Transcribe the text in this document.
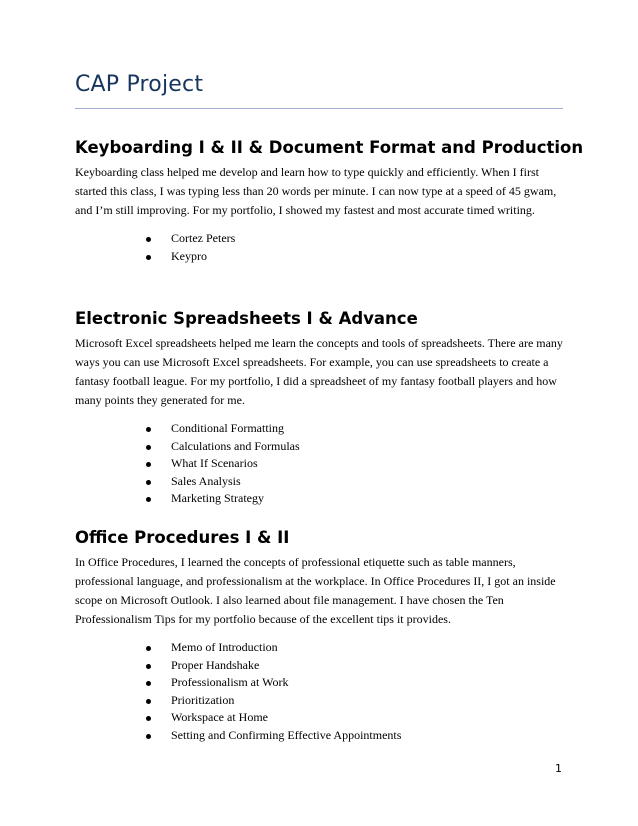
CAP Project
Keyboarding I & II & Document Format and Production

Keyboarding class helped me develop and learn how to type quickly and efficiently. When I first started this class, I was typing less than 20 words per minute. I can now type at a speed of 45 gwam, and I’m still improving. For my portfolio, I showed my fastest and most accurate timed writing.

Cortez Peters
Keypro
Electronic Spreadsheets I & Advance

Microsoft Excel spreadsheets helped me learn the concepts and tools of spreadsheets. There are many ways you can use Microsoft Excel spreadsheets. For example, you can use spreadsheets to create a fantasy football league. For my portfolio, I did a spreadsheet of my fantasy football players and how many points they generated for me.

Conditional Formatting
Calculations and Formulas
What If Scenarios
Sales Analysis
Marketing Strategy
Office Procedures I & II

In Office Procedures, I learned the concepts of professional etiquette such as table manners, professional language, and professionalism at the workplace. In Office Procedures II, I got an inside scope on Microsoft Outlook. I also learned about file management. I have chosen the Ten Professionalism Tips for my portfolio because of the excellent tips it provides.

Memo of Introduction
Proper Handshake
Professionalism at Work
Prioritization
Workspace at Home
Setting and Confirming Effective Appointments
1
